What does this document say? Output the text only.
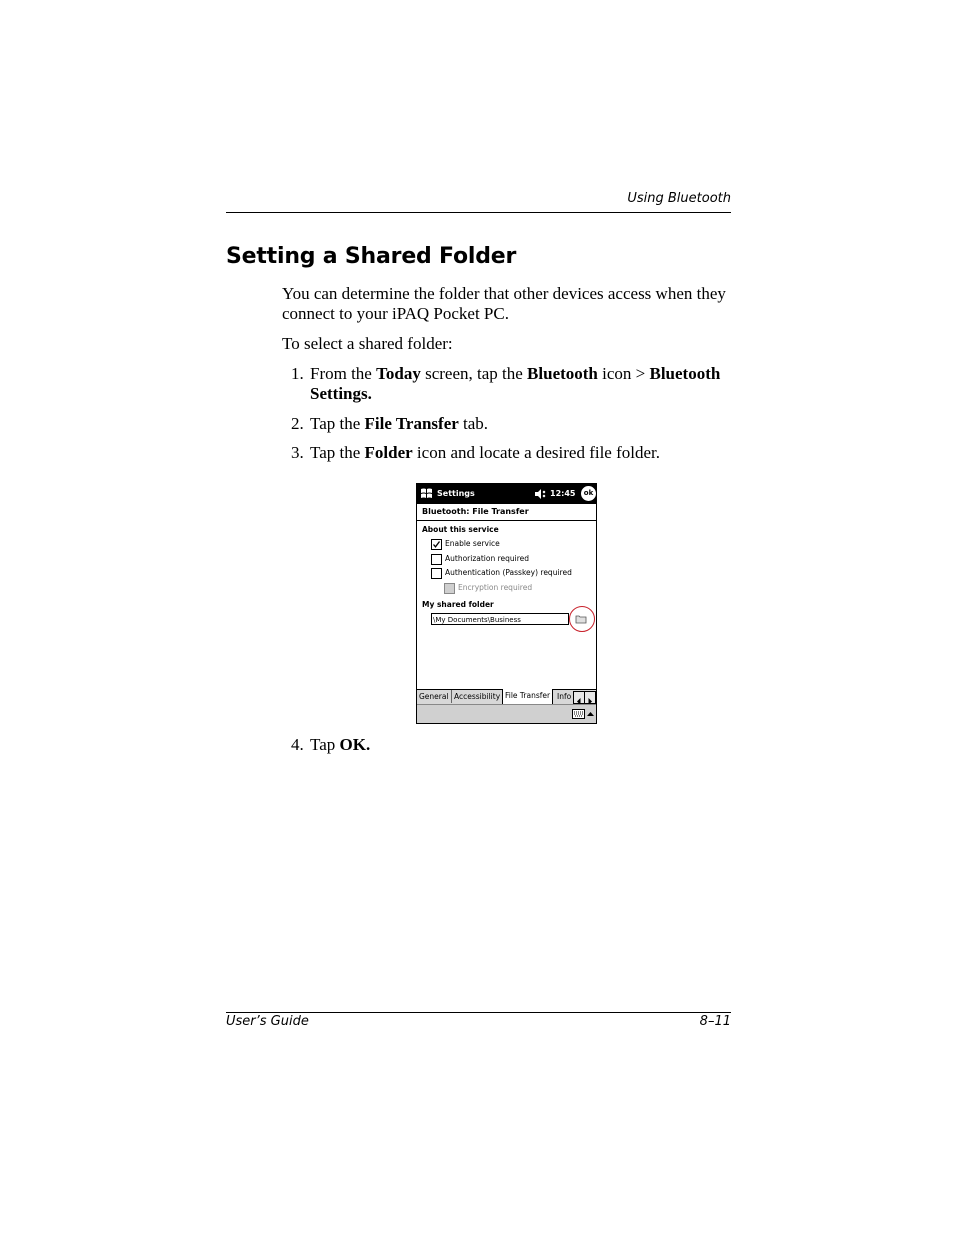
Using Bluetooth
Setting a Shared Folder

You can determine the folder that other devices access when they connect to your iPAQ Pocket PC.

To select a shared folder:

1. From the Today screen, tap the Bluetooth icon > Bluetooth Settings.
2. Tap the File Transfer tab.
3. Tap the Folder icon and locate a desired file folder.
Settings	12:45	ok
Bluetooth: File Transfer
About this service
Enable service
Authorization required
Authentication (Passkey) required
Encryption required
My shared folder
\My Documents\Business
General Accessibility File Transfer Info
4. Tap OK.
User’s Guide	8–11
